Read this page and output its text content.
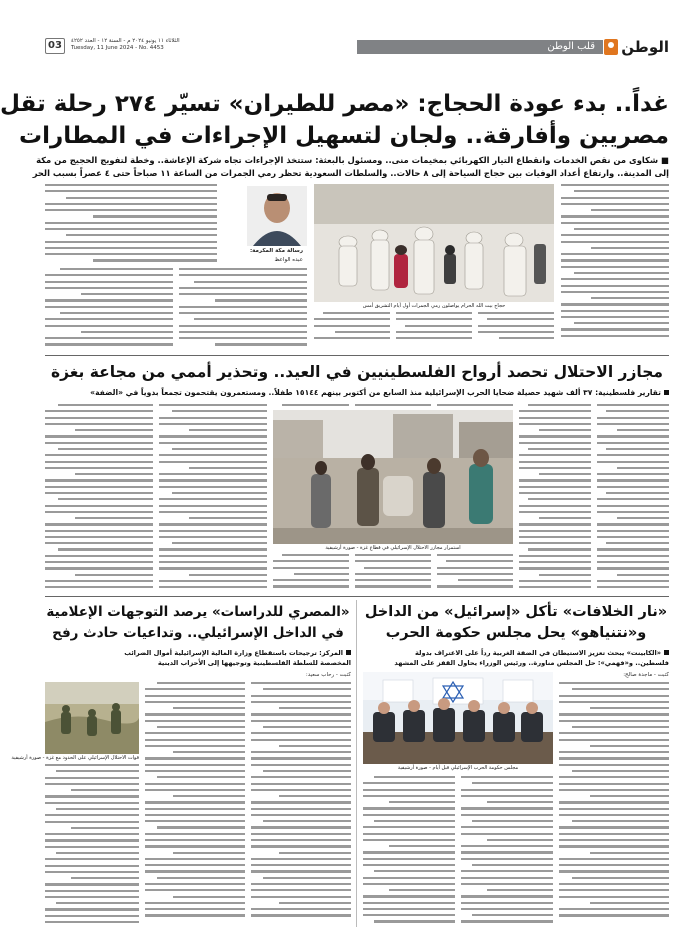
الوطن
قلب الوطن
الثلاثاء ١١ يونيو ٢٠٢٤ م - السنة ١٢ - العدد ٤٢٥٢
Tuesday, 11 June 2024 - No. 4453
03
غداً.. بدء عودة الحجاج: «مصر للطيران» تسيّر ٢٧٤ رحلة تقل
مصريين وأفارقة.. ولجان لتسهيل الإجراءات في المطارات
■ شكاوى من نقص الخدمات وانقطاع التيار الكهربائي بمخيمات منى.. ومسئول بالبعثة: ستتخذ الإجراءات تجاه شركة الإعاشة.. وخطة لتفويج الحجيج من مكة
إلى المدينة.. وارتفاع أعداد الوفيات بين حجاج السياحة إلى ٨ حالات.. والسلطات السعودية تحظر رمي الجمرات من الساعة ١١ صباحاً حتى ٤ عصراً بسبب الحر
حجاج بيت الله الحرام يواصلون رمي الجمرات أول أيام التشريق أمس
رسالة مكة المكرمة:
عبده الواعظ
مجازر الاحتلال تحصد أرواح الفلسطينيين في العيد.. وتحذير أممي من مجاعة بغزة
تقارير فلسطينية: ٣٧ ألف شهيد حصيلة ضحايا الحرب الإسرائيلية منذ السابع من أكتوبر بينهم ١٥١٤٤ طفلاً.. ومستعمرون يقتحمون تجمعاً بدوياً في «الضفة»
استمرار مجازر الاحتلال الإسرائيلي في قطاع غزة - صورة أرشيفية
«نار الخلافات» تأكل «إسرائيل» من الداخل
و«نتنياهو» يحل مجلس حكومة الحرب
«الكابينت» يبحث تعزيز الاستيطان في الضفة الغربية رداً على الاعتراف بدولة
فلسطين.. و«فهمي»: حل المجلس مناورة.. ورئيس الوزراء يحاول القفز على المشهد
كتبت - ماجدة صالح:
مجلس حكومة الحرب الإسرائيلي قبل أيام - صورة أرشيفية
«المصري للدراسات» يرصد التوجهات الإعلامية
في الداخل الإسرائيلي.. وتداعيات حادث رفح
المركز: ترجيحات باستقطاع وزارة المالية الإسرائيلية أموال الضرائب
المخصصة للسلطة الفلسطينية وتوجيهها إلى الأحزاب الدينية
كتبت - رحاب سعيد:
قوات الاحتلال الإسرائيلي على الحدود مع غزة - صورة أرشيفية
